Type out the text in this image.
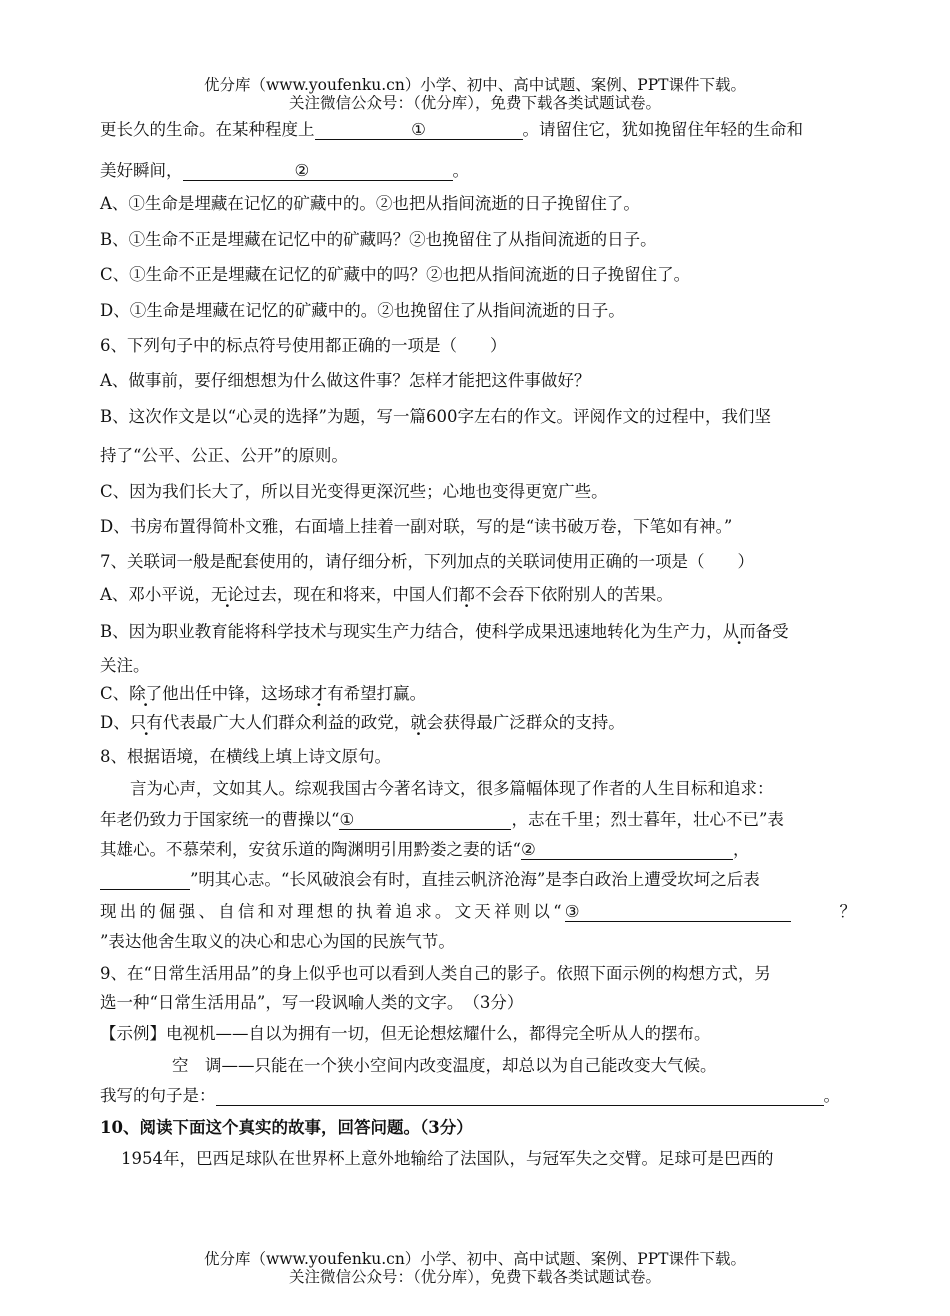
优分库（www.youfenku.cn）小学、初中、高中试题、案例、PPT课件下载。
关注微信公众号：（优分库），免费下载各类试题试卷。
更长久的生命。在某种程度上	①	。请留住它，犹如挽留住年轻的生命和
美好瞬间，	②	。
A、①生命是埋藏在记忆的矿藏中的。②也把从指间流逝的日子挽留住了。
B、①生命不正是埋藏在记忆中的矿藏吗？②也挽留住了从指间流逝的日子。
C、①生命不正是埋藏在记忆的矿藏中的吗？②也把从指间流逝的日子挽留住了。
D、①生命是埋藏在记忆的矿藏中的。②也挽留住了从指间流逝的日子。
6、下列句子中的标点符号使用都正确的一项是（　　）
A、做事前，要仔细想想为什么做这件事？怎样才能把这件事做好？
B、这次作文是以“心灵的选择”为题，写一篇600字左右的作文。评阅作文的过程中，我们坚
持了“公平、公正、公开”的原则。
C、因为我们长大了，所以目光变得更深沉些；心地也变得更宽广些。
D、书房布置得简朴文雅，右面墙上挂着一副对联，写的是“读书破万卷，下笔如有神。”
7、关联词一般是配套使用的，请仔细分析，下列加点的关联词使用正确的一项是（　　）
A、邓小平说，无论过去，现在和将来，中国人们都不会吞下依附别人的苦果。
B、因为职业教育能将科学技术与现实生产力结合，使科学成果迅速地转化为生产力，从而备受
关注。
C、除了他出任中锋，这场球才有希望打赢。
D、只有代表最广大人们群众利益的政党，就会获得最广泛群众的支持。
8、根据语境，在横线上填上诗文原句。
言为心声，文如其人。综观我国古今著名诗文，很多篇幅体现了作者的人生目标和追求：
年老仍致力于国家统一的曹操以“①	，志在千里；烈士暮年，壮心不已”表
其雄心。不慕荣利，安贫乐道的陶渊明引用黔娄之妻的话“②	，
”明其心志。“长风破浪会有时，直挂云帆济沧海”是李白政治上遭受坎坷之后表
现出的倔强、自信和对理想的执着追求。文天祥则以“③	？
”表达他舍生取义的决心和忠心为国的民族气节。
9、在“日常生活用品”的身上似乎也可以看到人类自己的影子。依照下面示例的构想方式，另
选一种“日常生活用品”，写一段讽喻人类的文字。　（3分）
【示例】电视机——自以为拥有一切，但无论想炫耀什么，都得完全听从人的摆布。
空　调——只能在一个狭小空间内改变温度，却总以为自己能改变大气候。
我写的句子是：	。
10、阅读下面这个真实的故事，回答问题。（3分）
1954年，巴西足球队在世界杯上意外地输给了法国队，与冠军失之交臂。足球可是巴西的
优分库（www.youfenku.cn）小学、初中、高中试题、案例、PPT课件下载。
关注微信公众号：（优分库），免费下载各类试题试卷。
